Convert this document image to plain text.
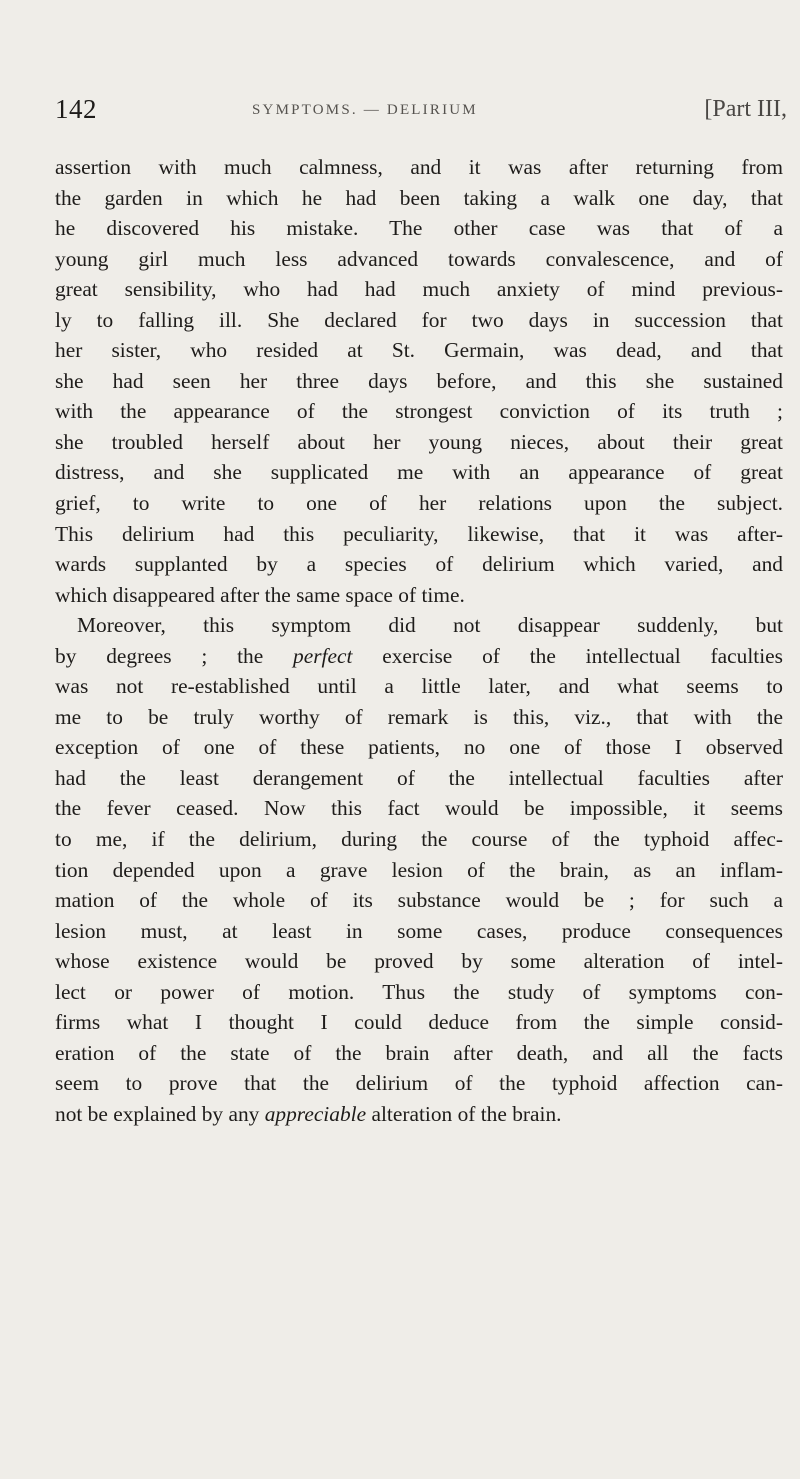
142	SYMPTOMS. — DELIRIUM	[Part III,
assertion with much calmness, and it was after returning from
the garden in which he had been taking a walk one day, that
he discovered his mistake. The other case was that of a
young girl much less advanced towards convalescence, and of
great sensibility, who had had much anxiety of mind previous-
ly to falling ill. She declared for two days in succession that
her sister, who resided at St. Germain, was dead, and that
she had seen her three days before, and this she sustained
with the appearance of the strongest conviction of its truth ;
she troubled herself about her young nieces, about their great
distress, and she supplicated me with an appearance of great
grief, to write to one of her relations upon the subject.
This delirium had this peculiarity, likewise, that it was after-
wards supplanted by a species of delirium which varied, and
which disappeared after the same space of time.
Moreover, this symptom did not disappear suddenly, but
by degrees ; the perfect exercise of the intellectual faculties
was not re-established until a little later, and what seems to
me to be truly worthy of remark is this, viz., that with the
exception of one of these patients, no one of those I observed
had the least derangement of the intellectual faculties after
the fever ceased. Now this fact would be impossible, it seems
to me, if the delirium, during the course of the typhoid affec-
tion depended upon a grave lesion of the brain, as an inflam-
mation of the whole of its substance would be ; for such a
lesion must, at least in some cases, produce consequences
whose existence would be proved by some alteration of intel-
lect or power of motion. Thus the study of symptoms con-
firms what I thought I could deduce from the simple consid-
eration of the state of the brain after death, and all the facts
seem to prove that the delirium of the typhoid affection can-
not be explained by any appreciable alteration of the brain.
